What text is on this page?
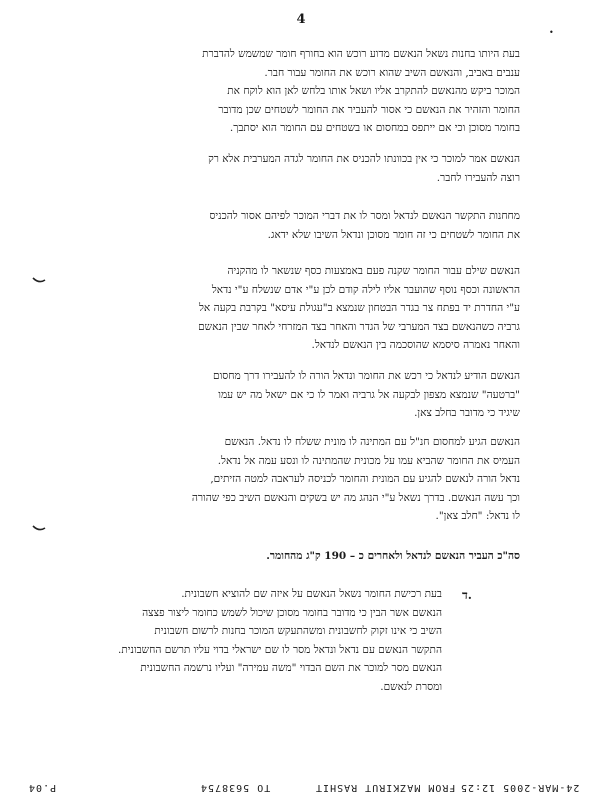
4
•
בעת היותו בחנות נשאל הנאשם מדוע רוכש הוא בחורף חומר שמשמש להדברת
ענבים באביב, והנאשם השיב שהוא רוכש את החומר עבור חבר.
המוכר ביקש מהנאשם להתקרב אליו ושאל אותו בלחש לאן הוא לוקח את
החומר והזהיר את הנאשם כי אסור להעביר את החומר לשטחים שכן מדובר
בחומר מסוכן וכי אם ייתפס במחסום או בשטחים עם החומר הוא יסתבך.
הנאשם אמר למוכר כי אין בכוונתו להכניס את החומר לגדה המערבית אלא רק
רוצה להעבירו לחבר.
מחחנות התקשר הנאשם לנדאל ומסר לו את דברי המוכר לפיהם אסור להכניס
את החומר לשטחים כי זה חומר מסוכן ונדאל השיבו שלא ידאג.
הנאשם שילם עבור החומר שקנה פעם באמצעות כסף שנשאר לו מהקניה
הראשונה וכסף נוסף שהועבר אליו לילה קודם לכן ע"י אדם שנשלח ע"י נדאל
ע"י החדרת יד בפתח צר בגדר הבטחון שנמצא ב"עגולת עיסא" בקרבת בקעה אל
גרביה כשהנאשם בצד המערבי של הגדר והאחר בצד המזרחי לאחר שבין הנאשם
והאחר נאמרה סיסמא שהוסכמה בין הנאשם לנדאל.
הנאשם הודיע לנדאל כי רכש את החומר ונדאל הורה לו להעבירו דרך מחסום
"ברטעה" שנמצא מצפון לבקעה אל גרביה ואמר לו כי אם ישאל מה יש עמו
שיגיד כי מדובר בחלב צאן.
הנאשם הגיע למחסום חנ"ל עם המתינה לו מונית ששלח לו נדאל. הנאשם
העמיס את החומר שהביא עמו על מכונית שהמתינה לו ונסע עמה אל נדאל.
נדאל הורה לנאשם להגיע עם המונית והחומר לכניסה לעראבה למטה הזיתים,
וכך עשה הנאשם. בדרך נשאל ע"י הנהג מה יש בשקים והנאשם השיב כפי שהורה
לו נדאל: "חלב צאן".
סה"כ העביר הנאשם לנדאל ולאחרים כ – 190 ק"ג מהחומר.
ד.
בעת רכישת החומר נשאל הנאשם על איזה שם להוציא חשבונית.
הנאשם אשר הבין כי מדובר בחומר מסוכן שיכול לשמש כחומר ליצור פצצה
השיב כי אינו זקוק לחשבונית ומשהתעקש המוכר בחנות לרשום חשבונית
התקשר הנאשם עם נדאל ונדאל מסר לו שם ישראלי בדוי עליו תרשם החשבונית.
הנאשם מסר למוכר את השם הבדוי "משה עמירה" ועליו נרשמה החשבונית
ומסרת לנאשם.
P.04	TO 5638754	FROM MAZKIRUT RASHIT 24-MAR-2005 12:25
